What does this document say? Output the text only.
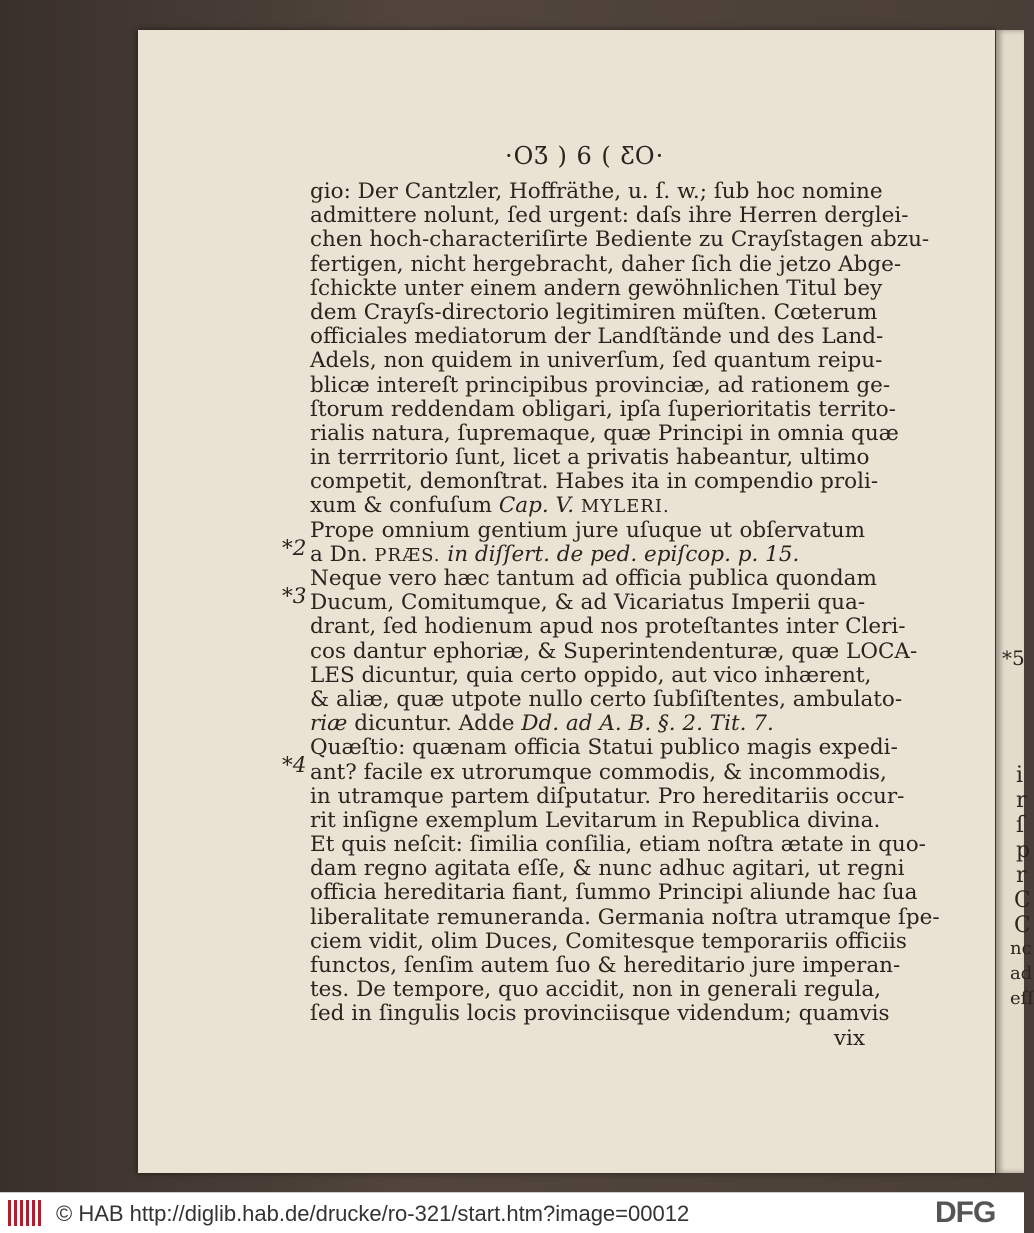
*5
i
r
ſ
p
r
C
C
nc
ad
eſſ
·OƷ ) 6 ( ƸO·
gio: Der Cantzler, Hoffräthe, u. ſ. w.; ſub hoc nomine
admittere nolunt, ſed urgent: daſs ihre Herren derglei-
chen hoch-characteriſirte Bediente zu Crayſstagen abzu-
fertigen, nicht hergebracht, daher ſich die jetzo Abge-
ſchickte unter einem andern gewöhnlichen Titul bey
dem Crayſs-directorio legitimiren müſten. Cœterum
officiales mediatorum der Landſtände und des Land-
Adels, non quidem in univerſum, ſed quantum reipu-
blicæ intereſt principibus provinciæ, ad rationem ge-
ſtorum reddendam obligari, ipſa ſuperioritatis territo-
rialis natura, ſupremaque, quæ Principi in omnia quæ
in terrritorio ſunt, licet a privatis habeantur, ultimo
competit, demonſtrat. Habes ita in compendio proli-
xum & confuſum Cap. V. MYLERI.
*2
Prope omnium gentium jure uſuque ut obſervatum
a Dn. PRÆS. in diſſert. de ped. epiſcop. p. 15.
*3
Neque vero hæc tantum ad officia publica quondam
Ducum, Comitumque, & ad Vicariatus Imperii qua-
drant, ſed hodienum apud nos proteſtantes inter Cleri-
cos dantur ephoriæ, & Superintendenturæ, quæ LOCA-
LES dicuntur, quia certo oppido, aut vico inhærent,
& aliæ, quæ utpote nullo certo ſubſiſtentes, ambulato-
riæ dicuntur. Adde Dd. ad A. B. §. 2. Tit. 7.
*4
Quæſtio: quænam officia Statui publico magis expedi-
ant? facile ex utrorumque commodis, & incommodis,
in utramque partem diſputatur. Pro hereditariis occur-
rit inſigne exemplum Levitarum in Republica divina.
Et quis neſcit: ſimilia conſilia, etiam noſtra ætate in quo-
dam regno agitata eſſe, & nunc adhuc agitari, ut regni
officia hereditaria fiant, ſummo Principi aliunde hac ſua
liberalitate remuneranda. Germania noſtra utramque ſpe-
ciem vidit, olim Duces, Comitesque temporariis officiis
functos, ſenſim autem ſuo & hereditario jure imperan-
tes. De tempore, quo accidit, non in generali regula,
ſed in ſingulis locis provinciisque videndum; quamvis
vix
© HAB http://diglib.hab.de/drucke/ro-321/start.htm?image=00012	DFG
